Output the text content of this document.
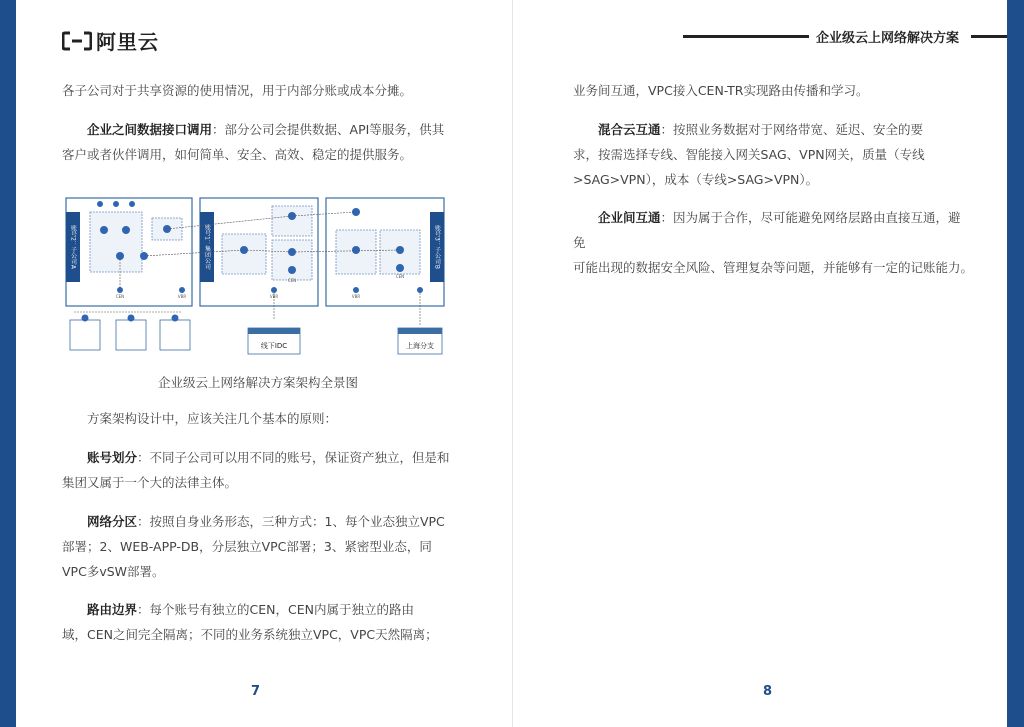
阿里云

各子公司对于共享资源的使用情况，用于内部分账或成本分摊。

企业之间数据接口调用：部分公司会提供数据、API等服务，供其
客户或者伙伴调用，如何简单、安全、高效、稳定的提供服务。

账号2：子公司A	账号1：集团公司	账号3：子公司B
线下IDC	上海分支
CEN	VBR
CEN
VBR
CEN
VBR
企业级云上网络解决方案架构全景图

方案架构设计中，应该关注几个基本的原则：

账号划分：不同子公司可以用不同的账号，保证资产独立，但是和
集团又属于一个大的法律主体。

网络分区：按照自身业务形态，三种方式：1、每个业态独立VPC
部署；2、WEB-APP-DB，分层独立VPC部署；3、紧密型业态，同
VPC多vSW部署。

路由边界：每个账号有独立的CEN，CEN内属于独立的路由
域，CEN之间完全隔离；不同的业务系统独立VPC，VPC天然隔离；

7
企业级云上网络解决方案

业务间互通，VPC接入CEN-TR实现路由传播和学习。

混合云互通：按照业务数据对于网络带宽、延迟、安全的要
求，按需选择专线、智能接入网关SAG、VPN网关，质量（专线
>SAG>VPN），成本（专线>SAG>VPN）。

企业间互通：因为属于合作，尽可能避免网络层路由直接互通，避免
可能出现的数据安全风险、管理复杂等问题，并能够有一定的记账能力。

8
